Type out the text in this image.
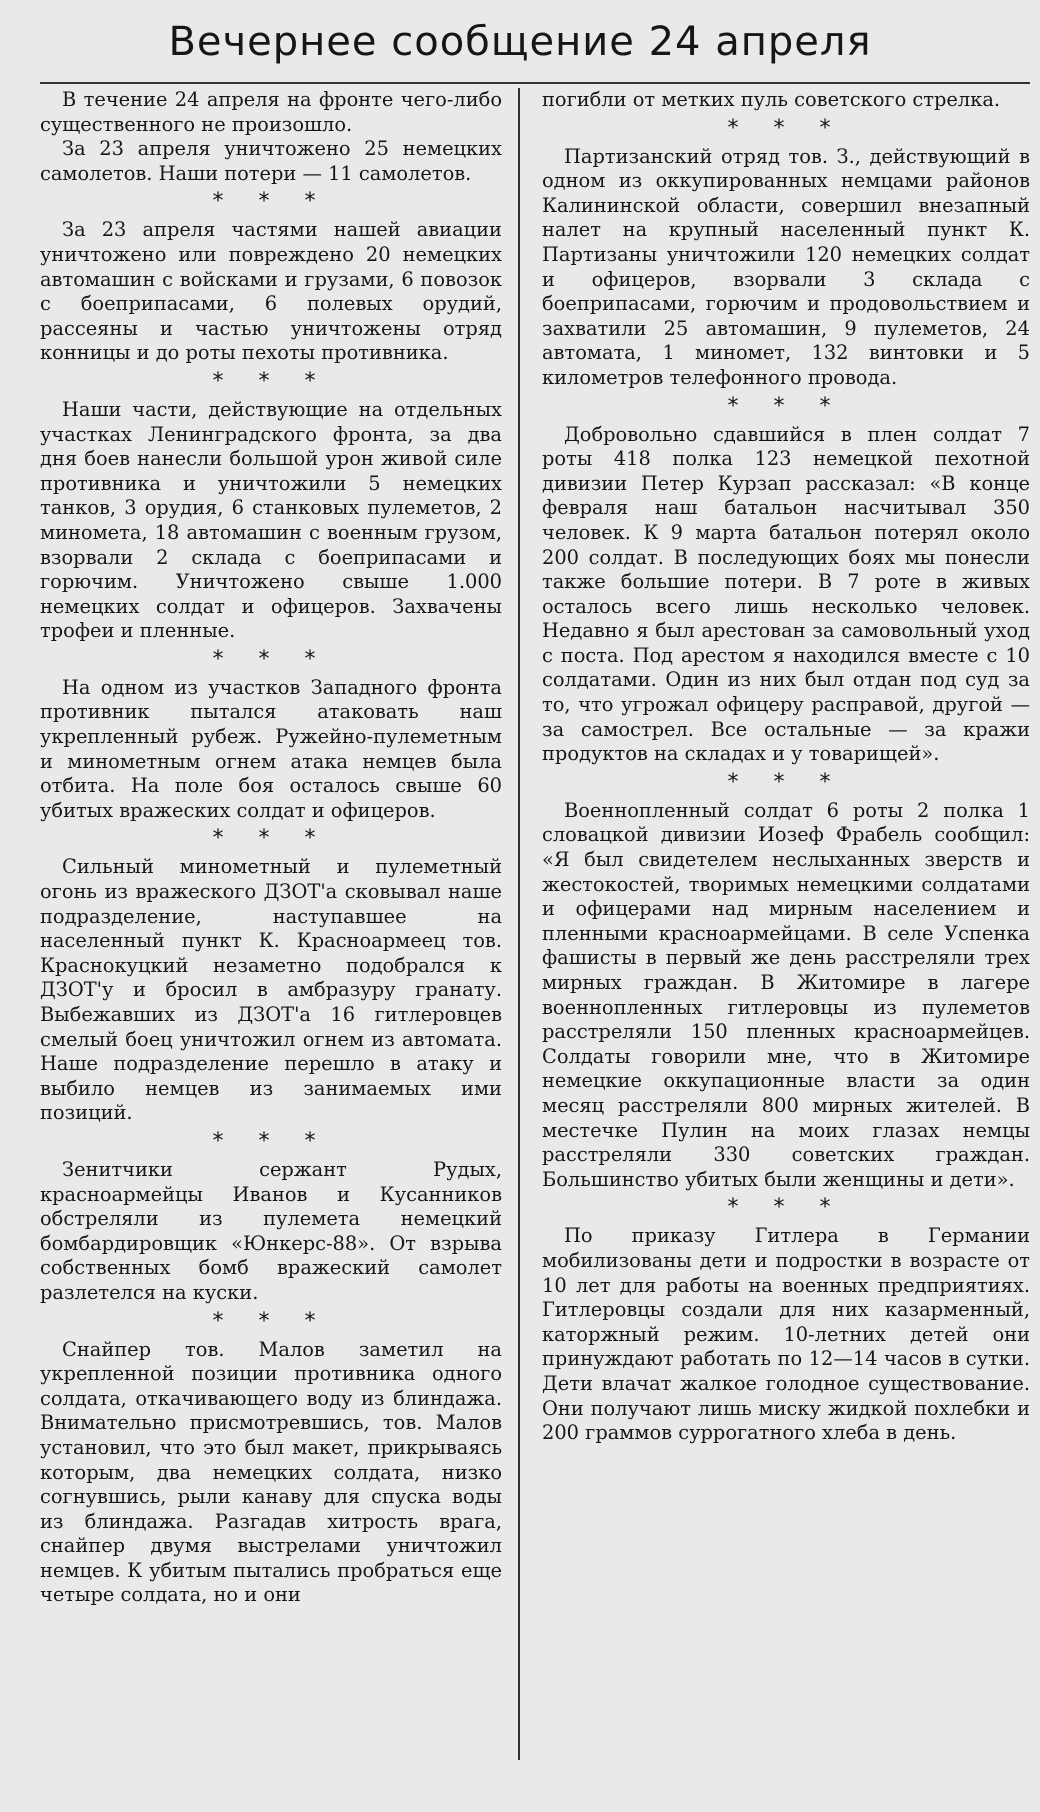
Вечернее сообщение 24 апреля

В течение 24 апреля на фронте чего-либо существенного не произошло.

За 23 апреля уничтожено 25 немецких самолетов. Наши потери — 11 самолетов.

* * *

За 23 апреля частями нашей авиации уничтожено или повреждено 20 немецких автомашин с войсками и грузами, 6 повозок с боеприпасами, 6 полевых орудий, рассеяны и частью уничтожены отряд конницы и до роты пехоты противника.

* * *

Наши части, действующие на отдельных участках Ленинградского фронта, за два дня боев нанесли большой урон живой силе противника и уничтожили 5 немецких танков, 3 орудия, 6 станковых пулеметов, 2 миномета, 18 автомашин с военным грузом, взорвали 2 склада с боеприпасами и горючим. Уничтожено свыше 1.000 немецких солдат и офицеров. Захвачены трофеи и пленные.

* * *

На одном из участков Западного фронта противник пытался атаковать наш укрепленный рубеж. Ружейно-пулеметным и минометным огнем атака немцев была отбита. На поле боя осталось свыше 60 убитых вражеских солдат и офицеров.

* * *

Сильный минометный и пулеметный огонь из вражеского ДЗОТ'а сковывал наше подразделение, наступавшее на населенный пункт К. Красноармеец тов. Краснокуцкий незаметно подобрался к ДЗОТ'у и бросил в амбразуру гранату. Выбежавших из ДЗОТ'а 16 гитлеровцев смелый боец уничтожил огнем из автомата. Наше подразделение перешло в атаку и выбило немцев из занимаемых ими позиций.

* * *

Зенитчики сержант Рудых, красноармейцы Иванов и Кусанников обстреляли из пулемета немецкий бомбардировщик «Юнкерс-88». От взрыва собственных бомб вражеский самолет разлетелся на куски.

* * *

Снайпер тов. Малов заметил на укрепленной позиции противника одного солдата, откачивающего воду из блиндажа. Внимательно присмотревшись, тов. Малов установил, что это был макет, прикрываясь которым, два немецких солдата, низко согнувшись, рыли канаву для спуска воды из блиндажа. Разгадав хитрость врага, снайпер двумя выстрелами уничтожил немцев. К убитым пытались пробраться еще четыре солдата, но и они

погибли от метких пуль советского стрелка.

* * *

Партизанский отряд тов. З., действующий в одном из оккупированных немцами районов Калининской области, совершил внезапный налет на крупный населенный пункт К. Партизаны уничтожили 120 немецких солдат и офицеров, взорвали 3 склада с боеприпасами, горючим и продовольствием и захватили 25 автомашин, 9 пулеметов, 24 автомата, 1 миномет, 132 винтовки и 5 километров телефонного провода.

* * *

Добровольно сдавшийся в плен солдат 7 роты 418 полка 123 немецкой пехотной дивизии Петер Курзап рассказал: «В конце февраля наш батальон насчитывал 350 человек. К 9 марта батальон потерял около 200 солдат. В последующих боях мы понесли также большие потери. В 7 роте в живых осталось всего лишь несколько человек. Недавно я был арестован за самовольный уход с поста. Под арестом я находился вместе с 10 солдатами. Один из них был отдан под суд за то, что угрожал офицеру расправой, другой — за самострел. Все остальные — за кражи продуктов на складах и у товарищей».

* * *

Военнопленный солдат 6 роты 2 полка 1 словацкой дивизии Иозеф Фрабель сообщил: «Я был свидетелем неслыханных зверств и жестокостей, творимых немецкими солдатами и офицерами над мирным населением и пленными красноармейцами. В селе Успенка фашисты в первый же день расстреляли трех мирных граждан. В Житомире в лагере военнопленных гитлеровцы из пулеметов расстреляли 150 пленных красноармейцев. Солдаты говорили мне, что в Житомире немецкие оккупационные власти за один месяц расстреляли 800 мирных жителей. В местечке Пулин на моих глазах немцы расстреляли 330 советских граждан. Большинство убитых были женщины и дети».

* * *

По приказу Гитлера в Германии мобилизованы дети и подростки в возрасте от 10 лет для работы на военных предприятиях. Гитлеровцы создали для них казарменный, каторжный режим. 10-летних детей они принуждают работать по 12—14 часов в сутки. Дети влачат жалкое голодное существование. Они получают лишь миску жидкой похлебки и 200 граммов суррогатного хлеба в день.
